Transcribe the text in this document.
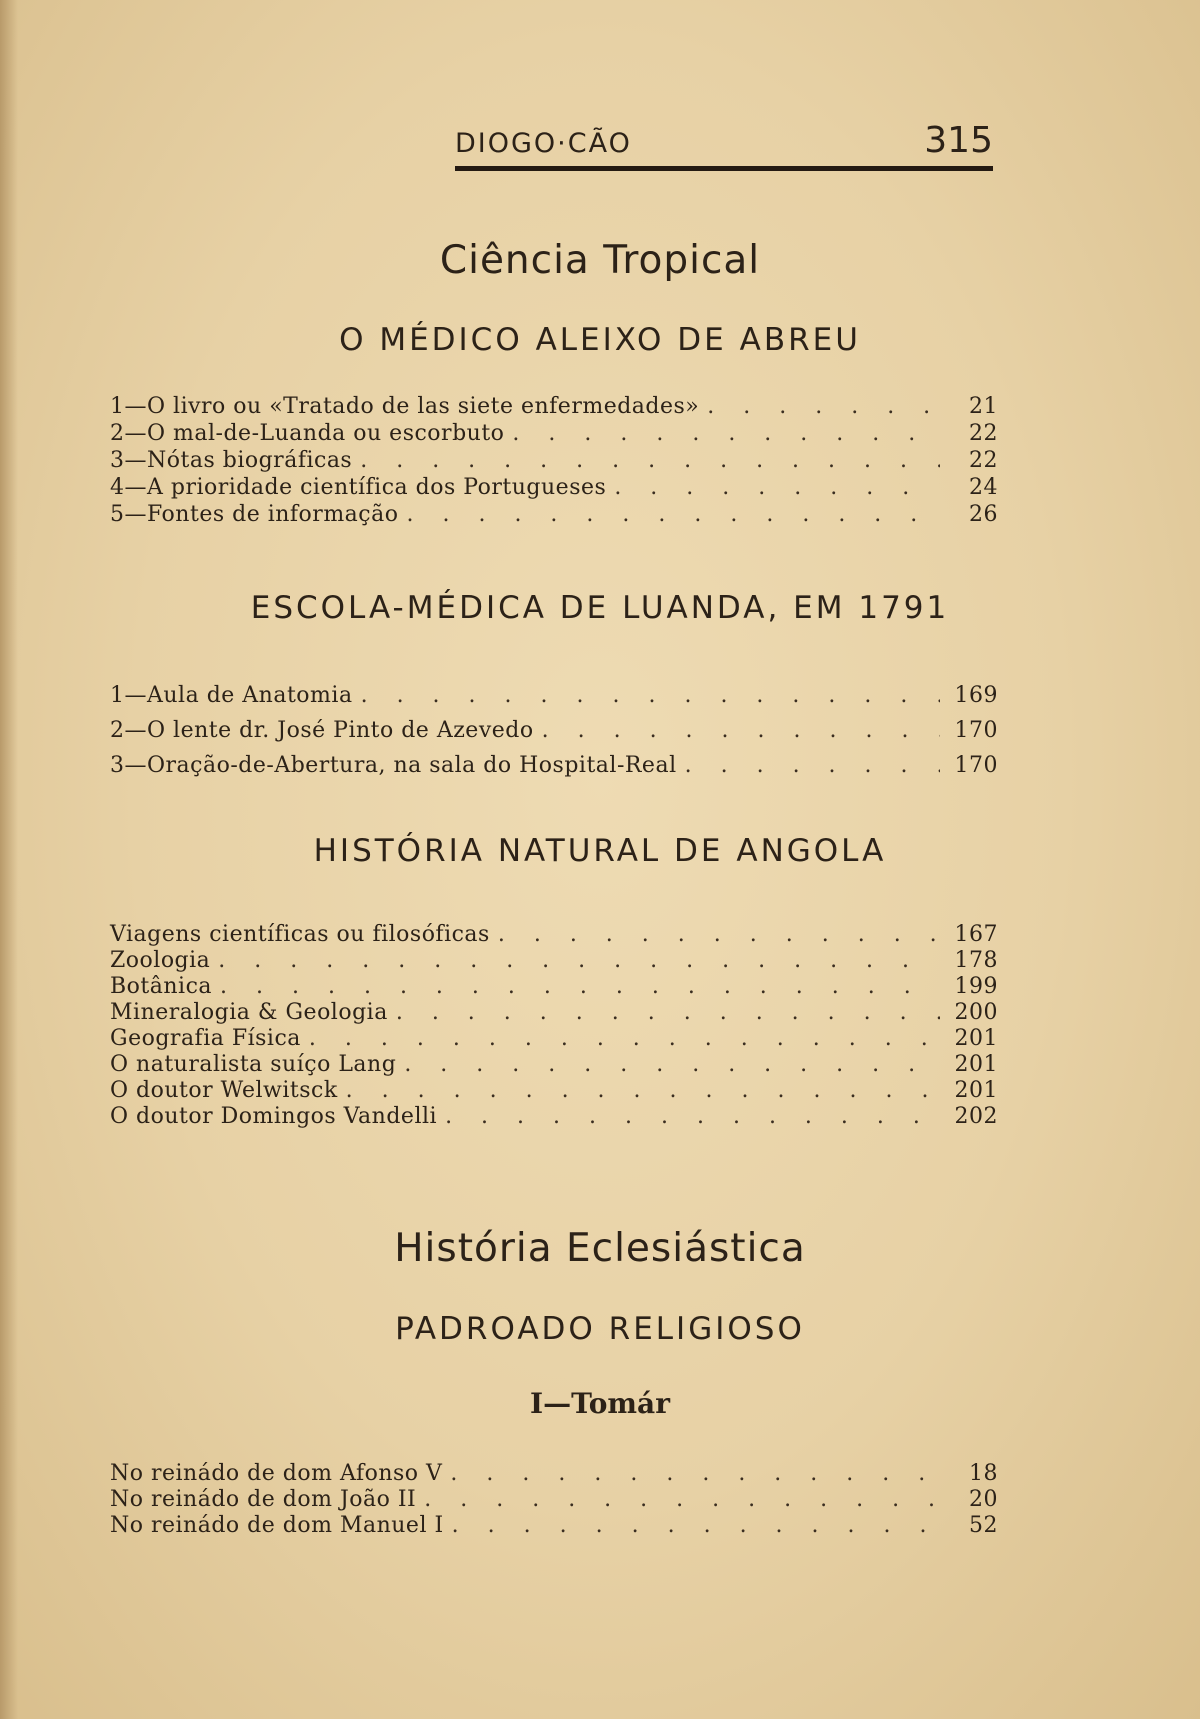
DIOGO·CÃO	315
Ciência Tropical
O MÉDICO ALEIXO DE ABREU
1—O livro ou «Tratado de las siete enfermedades» . . .	21
2—O mal-de-Luanda ou escorbuto . . .	22
3—Nótas biográficas . . .	22
4—A prioridade científica dos Portugueses . . .	24
5—Fontes de informação . . .	26
ESCOLA-MÉDICA DE LUANDA, EM 1791
1—Aula de Anatomia . . .	169
2—O lente dr. José Pinto de Azevedo . . .	170
3—Oração-de-Abertura, na sala do Hospital-Real . . .	170
HISTÓRIA NATURAL DE ANGOLA
Viagens científicas ou filosóficas . . .	167
Zoologia . . .	178
Botânica . . .	199
Mineralogia & Geologia . . .	200
Geografia Física . . .	201
O naturalista suíço Lang . . .	201
O doutor Welwitsck . . .	201
O doutor Domingos Vandelli . . .	202
História Eclesiástica
PADROADO RELIGIOSO
I—Tomár
No reinádo de dom Afonso V . . .	18
No reinádo de dom João II . . .	20
No reinádo de dom Manuel I . . .	52
